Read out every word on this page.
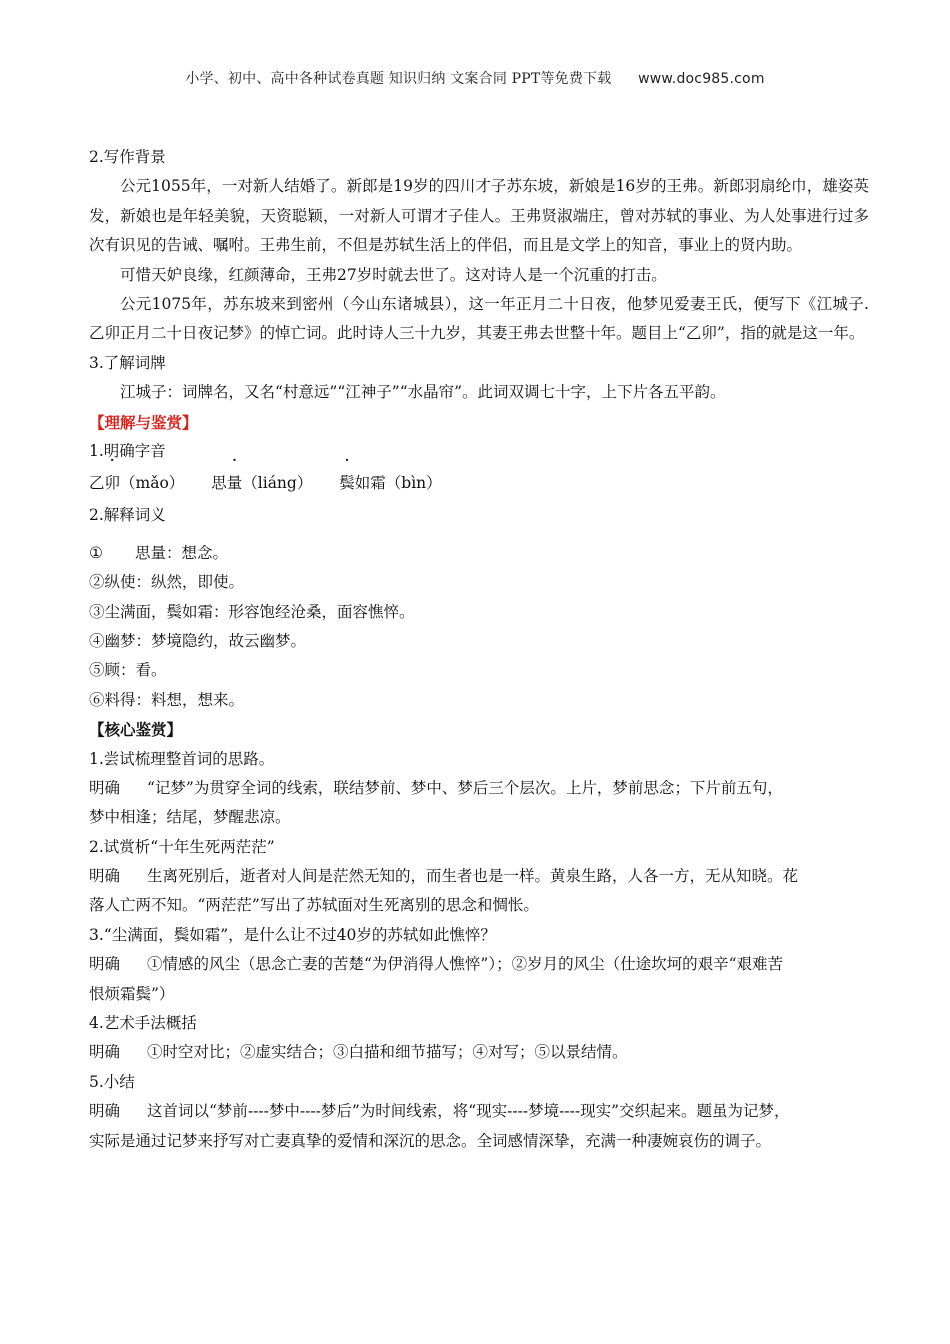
小学、初中、高中各种试卷真题 知识归纳 文案合同 PPT等免费下载 www.doc985.com
2.写作背景
公元1055年，一对新人结婚了。新郎是19岁的四川才子苏东坡，新娘是16岁的王弗。新郎羽扇纶巾，雄姿英发，新娘也是年轻美貌，天资聪颖，一对新人可谓才子佳人。王弗贤淑端庄，曾对苏轼的事业、为人处事进行过多次有识见的告诫、嘱咐。王弗生前，不但是苏轼生活上的伴侣，而且是文学上的知音，事业上的贤内助。
可惜天妒良缘，红颜薄命，王弗27岁时就去世了。这对诗人是一个沉重的打击。
公元1075年，苏东坡来到密州（今山东诸城县），这一年正月二十日夜，他梦见爱妻王氏，便写下《江城子.乙卯正月二十日夜记梦》的悼亡词。此时诗人三十九岁，其妻王弗去世整十年。题目上“乙卯”，指的就是这一年。
3.了解词牌
江城子：词牌名，又名“村意远”“江神子”“水晶帘”。此词双调七十字，上下片各五平韵。
【理解与鉴赏】
1.明确字音
乙卯（mǎo） 思量（liáng） 鬓如霜（bìn）
2.解释词义
① 思量：想念。
②纵使：纵然，即使。
③尘满面，鬓如霜：形容饱经沧桑，面容憔悴。
④幽梦：梦境隐约，故云幽梦。
⑤顾：看。
⑥料得：料想，想来。
【核心鉴赏】
1.尝试梳理整首词的思路。
明确 “记梦”为贯穿全词的线索，联结梦前、梦中、梦后三个层次。上片，梦前思念；下片前五句，
梦中相逢；结尾，梦醒悲凉。
2.试赏析“十年生死两茫茫”
明确 生离死别后，逝者对人间是茫然无知的，而生者也是一样。黄泉生路，人各一方，无从知晓。花
落人亡两不知。“两茫茫”写出了苏轼面对生死离别的思念和惆怅。
3.“尘满面，鬓如霜”，是什么让不过40岁的苏轼如此憔悴？
明确 ①情感的风尘（思念亡妻的苦楚“为伊消得人憔悴”）；②岁月的风尘（仕途坎坷的艰辛“艰难苦
恨烦霜鬓”）
4.艺术手法概括
明确 ①时空对比；②虚实结合；③白描和细节描写；④对写；⑤以景结情。
5.小结
明确 这首词以“梦前----梦中----梦后”为时间线索，将“现实----梦境----现实”交织起来。题虽为记梦，
实际是通过记梦来抒写对亡妻真挚的爱情和深沉的思念。全词感情深挚，充满一种凄婉哀伤的调子。
